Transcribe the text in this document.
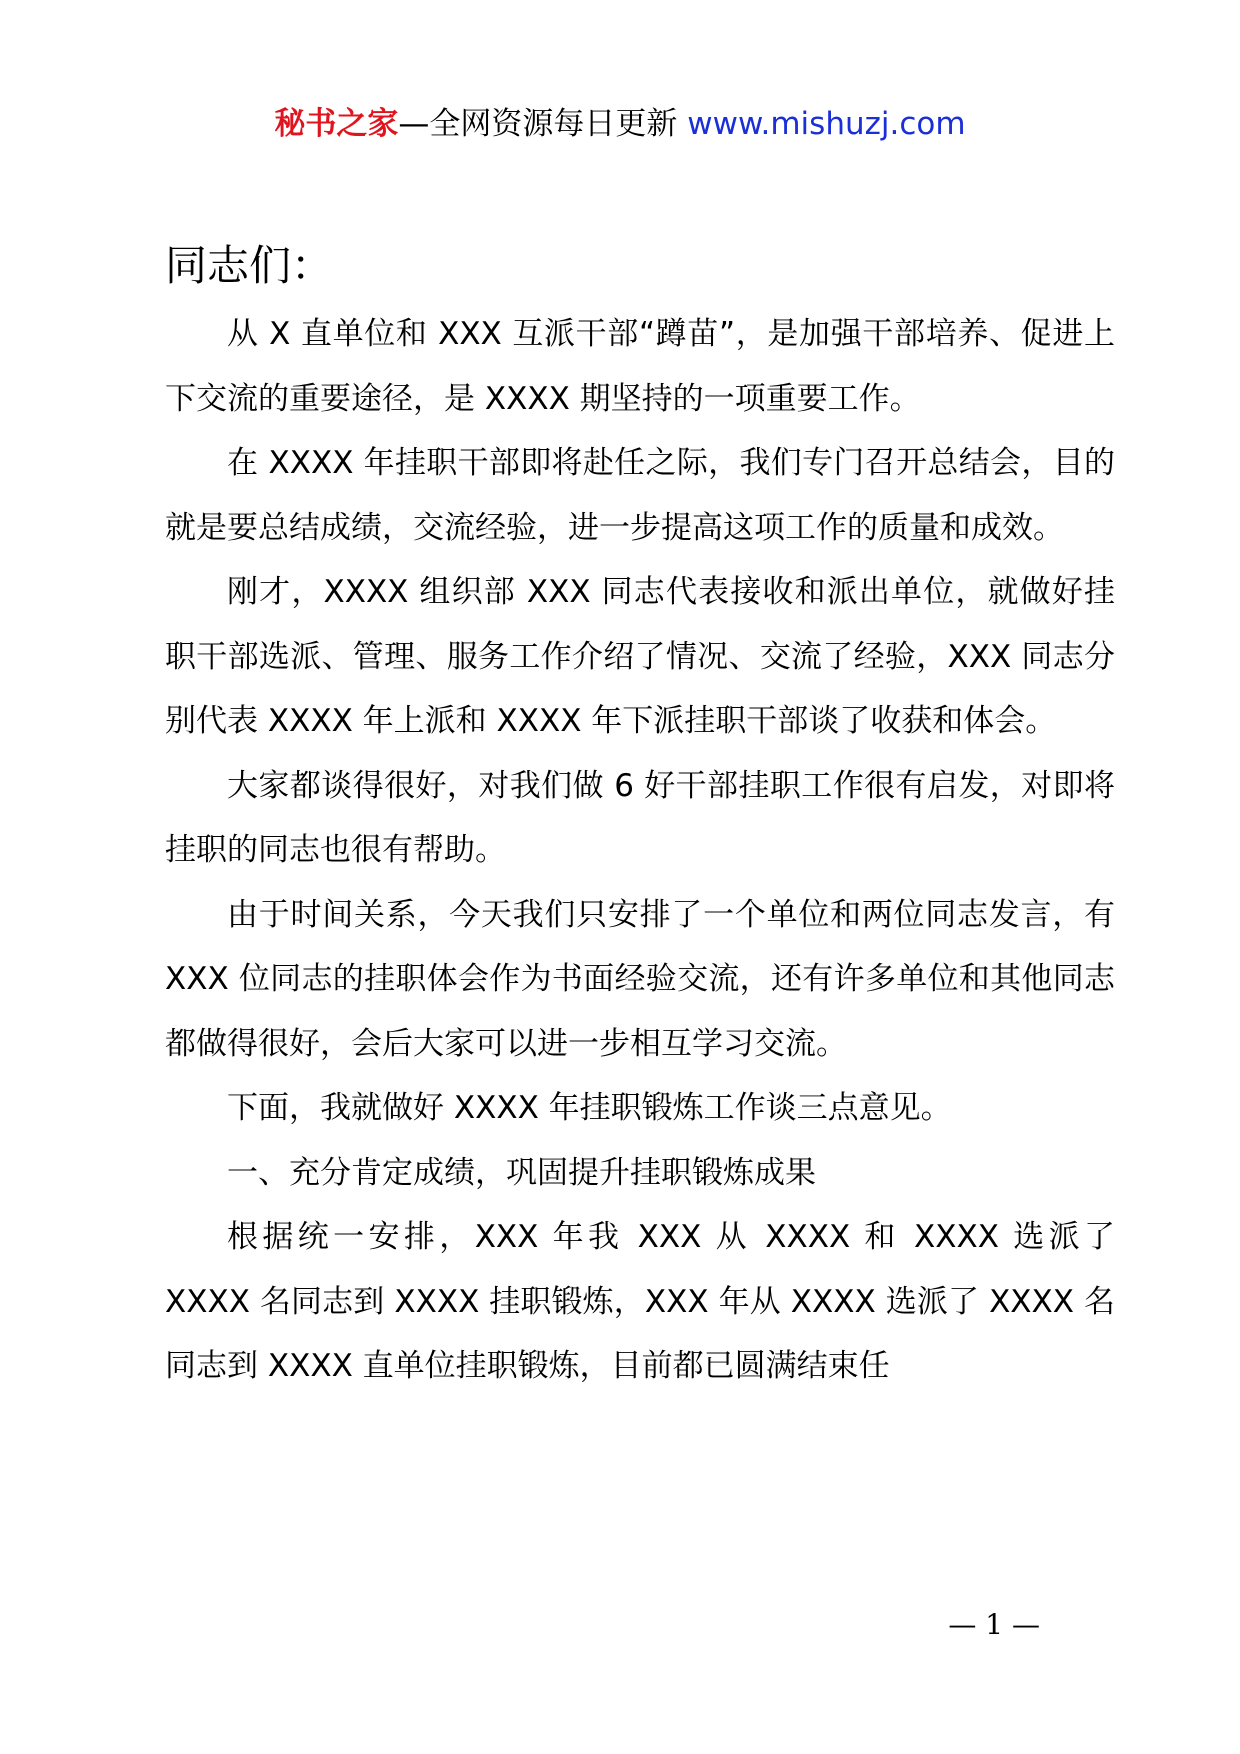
秘书之家—全网资源每日更新 www.mishuzj.com
同志们：

从 X 直单位和 XXX 互派干部“蹲苗”，是加强干部培养、促进上下交流的重要途径，是 XXXX 期坚持的一项重要工作。

在 XXXX 年挂职干部即将赴任之际，我们专门召开总结会，目的就是要总结成绩，交流经验，进一步提高这项工作的质量和成效。

刚才，XXXX 组织部 XXX 同志代表接收和派出单位，就做好挂职干部选派、管理、服务工作介绍了情况、交流了经验，XXX 同志分别代表 XXXX 年上派和 XXXX 年下派挂职干部谈了收获和体会。

大家都谈得很好，对我们做 6 好干部挂职工作很有启发，对即将挂职的同志也很有帮助。

由于时间关系，今天我们只安排了一个单位和两位同志发言，有 XXX 位同志的挂职体会作为书面经验交流，还有许多单位和其他同志都做得很好，会后大家可以进一步相互学习交流。

下面，我就做好 XXXX 年挂职锻炼工作谈三点意见。

一、充分肯定成绩，巩固提升挂职锻炼成果

根据统一安排，XXX 年我 XXX 从 XXXX 和 XXXX 选派了 XXXX 名同志到 XXXX 挂职锻炼，XXX 年从 XXXX 选派了 XXXX 名同志到 XXXX 直单位挂职锻炼，目前都已圆满结束任

— 1 —
